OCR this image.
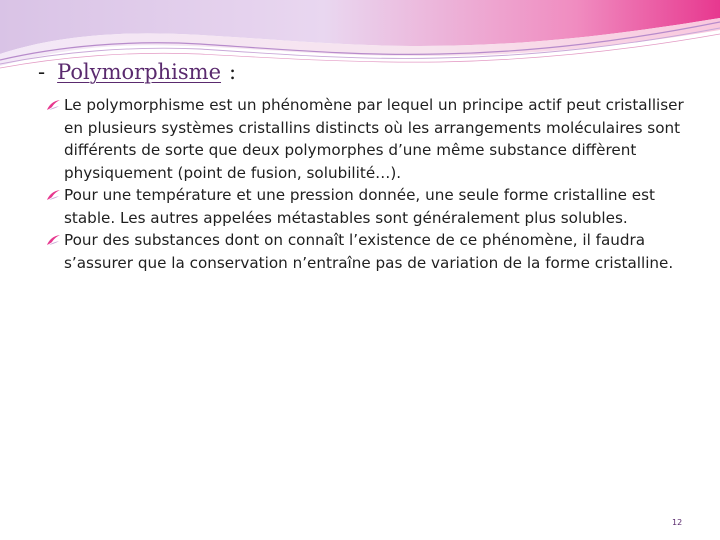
- Polymorphisme :
Le polymorphisme est un phénomène par lequel un principe actif peut cristalliser en plusieurs systèmes cristallins distincts où les arrangements moléculaires sont différents de sorte que deux polymorphes d’une même substance diffèrent physiquement (point de fusion, solubilité…).
Pour une température et une pression donnée, une seule forme cristalline est stable. Les autres appelées métastables sont généralement plus solubles.
Pour des substances dont on connaît l’existence de ce phénomène, il faudra s’assurer que la conservation n’entraîne pas de variation de la forme cristalline.
12
